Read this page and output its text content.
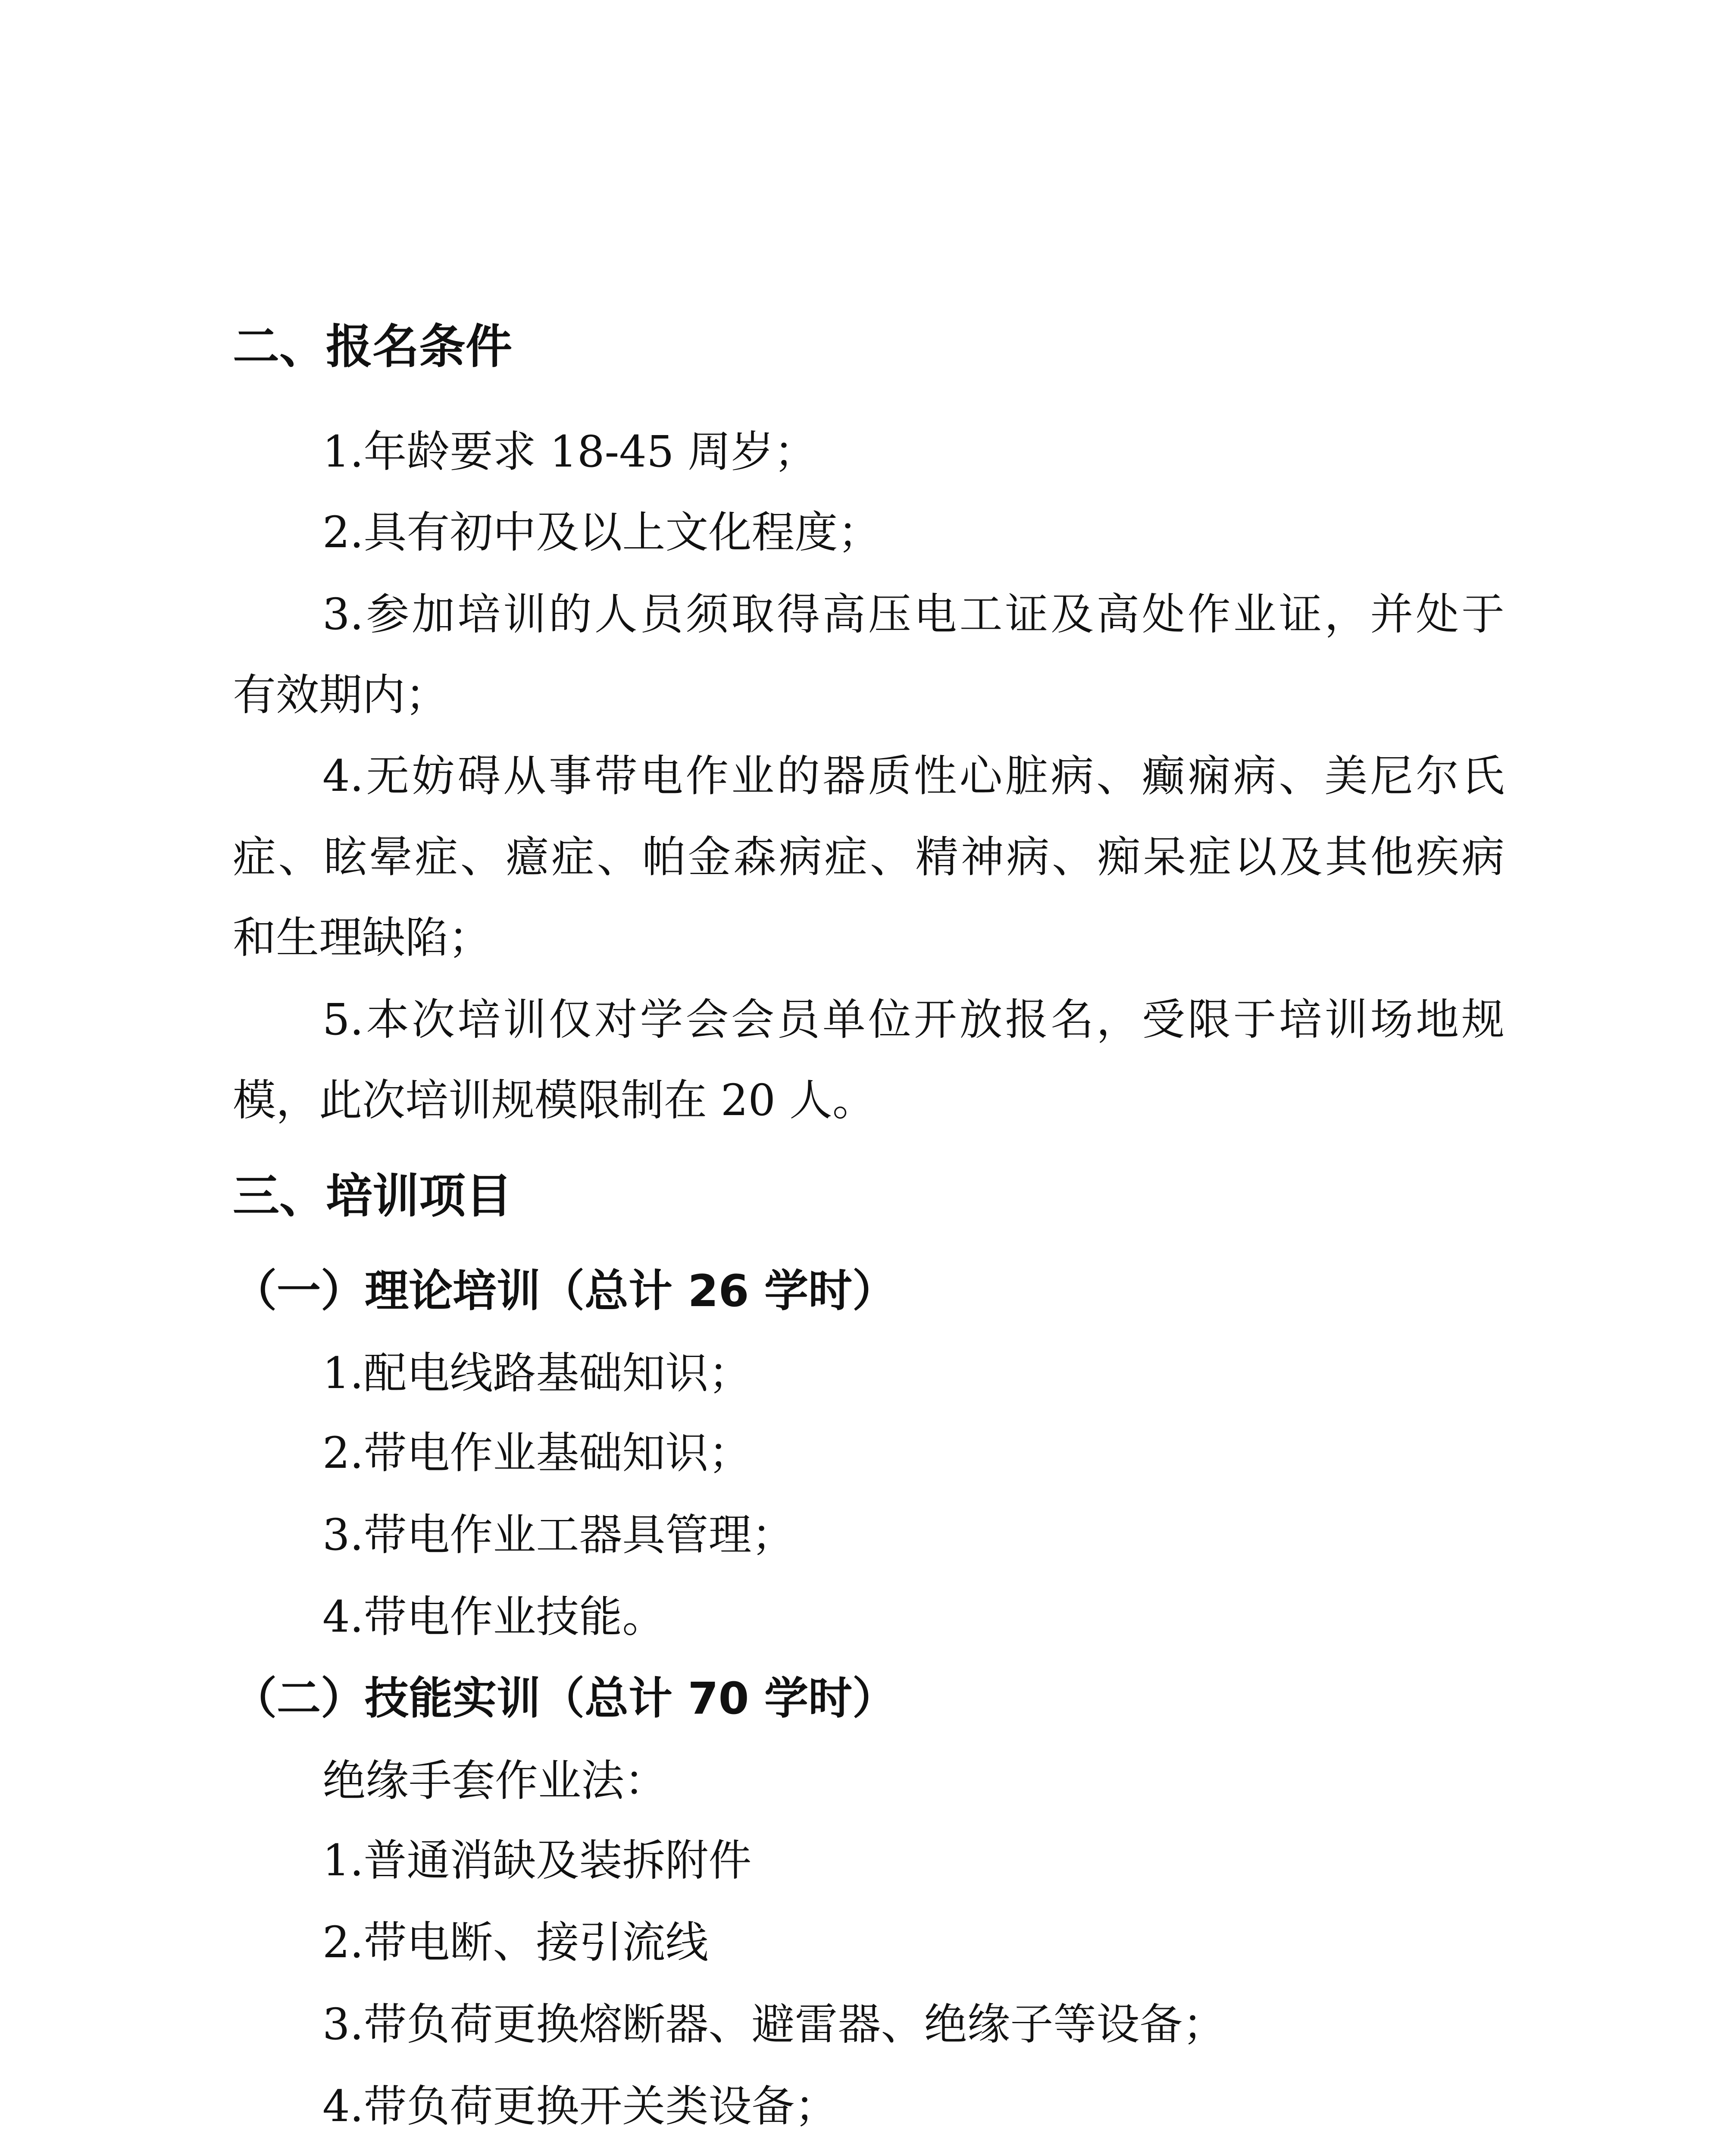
二、报名条件
1.年龄要求 18-45 周岁；
2.具有初中及以上文化程度；
3.参加培训的人员须取得高压电工证及高处作业证，并处于
有效期内；
4.无妨碍从事带电作业的器质性心脏病、癫痫病、美尼尔氏
症、眩晕症、癔症、帕金森病症、精神病、痴呆症以及其他疾病
和生理缺陷；
5.本次培训仅对学会会员单位开放报名，受限于培训场地规
模，此次培训规模限制在 20 人。
三、培训项目
（一）理论培训（总计 26 学时）
1.配电线路基础知识；
2.带电作业基础知识；
3.带电作业工器具管理；
4.带电作业技能。
（二）技能实训（总计 70 学时）
绝缘手套作业法：
1.普通消缺及装拆附件
2.带电断、接引流线
3.带负荷更换熔断器、避雷器、绝缘子等设备；
4.带负荷更换开关类设备；
